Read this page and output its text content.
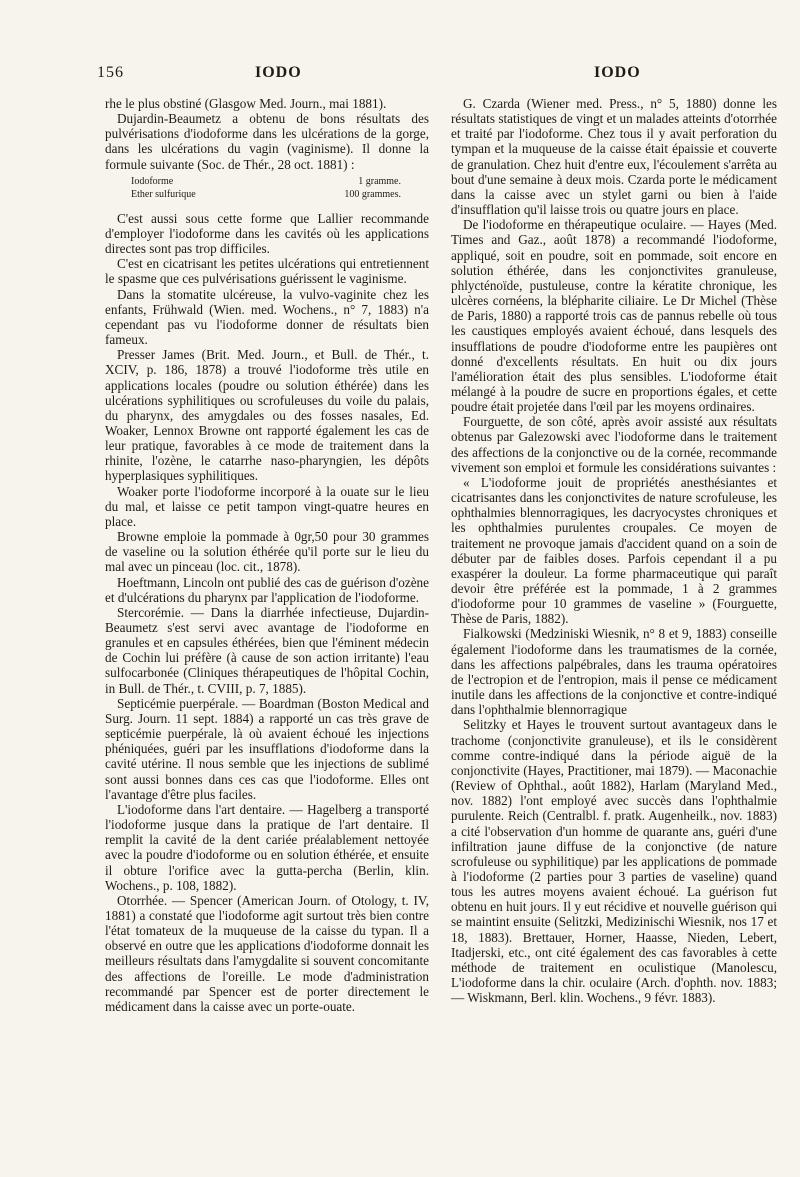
156	IODO	IODO

rhe le plus obstiné (Glasgow Med. Journ., mai 1881).

Dujardin-Beaumetz a obtenu de bons résultats des pulvérisations d'iodoforme dans les ulcérations de la gorge, dans les ulcérations du vagin (vaginisme). Il donne la formule suivante (Soc. de Thér., 28 oct. 1881) :

Iodoforme	1 gramme.
Ether sulfurique	100 grammes.

C'est aussi sous cette forme que Lallier recommande d'employer l'iodoforme dans les cavités où les applications directes sont pas trop difficiles.

C'est en cicatrisant les petites ulcérations qui entretiennent le spasme que ces pulvérisations guérissent le vaginisme.

Dans la stomatite ulcéreuse, la vulvo-vaginite chez les enfants, Frühwald (Wien. med. Wochens., n° 7, 1883) n'a cependant pas vu l'iodoforme donner de résultats bien fameux.

Presser James (Brit. Med. Journ., et Bull. de Thér., t. XCIV, p. 186, 1878) a trouvé l'iodoforme très utile en applications locales (poudre ou solution éthérée) dans les ulcérations syphilitiques ou scrofuleuses du voile du palais, du pharynx, des amygdales ou des fosses nasales, Ed. Woaker, Lennox Browne ont rapporté également les cas de leur pratique, favorables à ce mode de traitement dans la rhinite, l'ozène, le catarrhe naso-pharyngien, les dépôts hyperplasiques syphilitiques.

Woaker porte l'iodoforme incorporé à la ouate sur le lieu du mal, et laisse ce petit tampon vingt-quatre heures en place.

Browne emploie la pommade à 0gr,50 pour 30 grammes de vaseline ou la solution éthérée qu'il porte sur le lieu du mal avec un pinceau (loc. cit., 1878).

Hoeftmann, Lincoln ont publié des cas de guérison d'ozène et d'ulcérations du pharynx par l'application de l'iodoforme.

Stercorémie. — Dans la diarrhée infectieuse, Dujardin-Beaumetz s'est servi avec avantage de l'iodoforme en granules et en capsules éthérées, bien que l'éminent médecin de Cochin lui préfère (à cause de son action irritante) l'eau sulfocarbonée (Cliniques thérapeutiques de l'hôpital Cochin, in Bull. de Thér., t. CVIII, p. 7, 1885).

Septicémie puerpérale. — Boardman (Boston Medical and Surg. Journ. 11 sept. 1884) a rapporté un cas très grave de septicémie puerpérale, là où avaient échoué les injections phéniquées, guéri par les insufflations d'iodoforme dans la cavité utérine. Il nous semble que les injections de sublimé sont aussi bonnes dans ces cas que l'iodoforme. Elles ont l'avantage d'être plus faciles.

L'iodoforme dans l'art dentaire. — Hagelberg a transporté l'iodoforme jusque dans la pratique de l'art dentaire. Il remplit la cavité de la dent cariée préalablement nettoyée avec la poudre d'iodoforme ou en solution éthérée, et ensuite il obture l'orifice avec la gutta-percha (Berlin, klin. Wochens., p. 108, 1882).

Otorrhée. — Spencer (American Journ. of Otology, t. IV, 1881) a constaté que l'iodoforme agit surtout très bien contre l'état tomateux de la muqueuse de la caisse du typan. Il a observé en outre que les applications d'iodoforme donnait les meilleurs résultats dans l'amygdalite si souvent concomitante des affections de l'oreille. Le mode d'administration recommandé par Spencer est de porter directement le médicament dans la caisse avec un porte-ouate.

G. Czarda (Wiener med. Press., n° 5, 1880) donne les résultats statistiques de vingt et un malades atteints d'otorrhée et traité par l'iodoforme. Chez tous il y avait perforation du tympan et la muqueuse de la caisse était épaissie et couverte de granulation. Chez huit d'entre eux, l'écoulement s'arrêta au bout d'une semaine à deux mois. Czarda porte le médicament dans la caisse avec un stylet garni ou bien à l'aide d'insufflation qu'il laisse trois ou quatre jours en place.

De l'iodoforme en thérapeutique oculaire. — Hayes (Med. Times and Gaz., août 1878) a recommandé l'iodoforme, appliqué, soit en poudre, soit en pommade, soit encore en solution éthérée, dans les conjonctivites granuleuse, phlycténoïde, pustuleuse, contre la kératite chronique, les ulcères cornéens, la blépharite ciliaire. Le Dr Michel (Thèse de Paris, 1880) a rapporté trois cas de pannus rebelle où tous les caustiques employés avaient échoué, dans lesquels des insufflations de poudre d'iodoforme entre les paupières ont donné d'excellents résultats. En huit ou dix jours l'amélioration était des plus sensibles. L'iodoforme était mélangé à la poudre de sucre en proportions égales, et cette poudre était projetée dans l'œil par les moyens ordinaires.

Fourguette, de son côté, après avoir assisté aux résultats obtenus par Galezowski avec l'iodoforme dans le traitement des affections de la conjonctive ou de la cornée, recommande vivement son emploi et formule les considérations suivantes :

« L'iodoforme jouit de propriétés anesthésiantes et cicatrisantes dans les conjonctivites de nature scrofuleuse, les ophthalmies blennorragiques, les dacryocystes chroniques et les ophthalmies purulentes croupales. Ce moyen de traitement ne provoque jamais d'accident quand on a soin de débuter par de faibles doses. Parfois cependant il a pu exaspérer la douleur. La forme pharmaceutique qui paraît devoir être préférée est la pommade, 1 à 2 grammes d'iodoforme pour 10 grammes de vaseline » (Fourguette, Thèse de Paris, 1882).

Fialkowski (Medziniski Wiesnik, n° 8 et 9, 1883) conseille également l'iodoforme dans les traumatismes de la cornée, dans les affections palpébrales, dans les trauma opératoires de l'ectropion et de l'entropion, mais il pense ce médicament inutile dans les affections de la conjonctive et contre-indiqué dans l'ophthalmie blennorragique

Selitzky et Hayes le trouvent surtout avantageux dans le trachome (conjonctivite granuleuse), et ils le considèrent comme contre-indiqué dans la période aiguë de la conjonctivite (Hayes, Practitioner, mai 1879). — Maconachie (Review of Ophthal., août 1882), Harlam (Maryland Med., nov. 1882) l'ont employé avec succès dans l'ophthalmie purulente. Reich (Centralbl. f. pratk. Augenheilk., nov. 1883) a cité l'observation d'un homme de quarante ans, guéri d'une infiltration jaune diffuse de la conjonctive (de nature scrofuleuse ou syphilitique) par les applications de pommade à l'iodoforme (2 parties pour 3 parties de vaseline) quand tous les autres moyens avaient échoué. La guérison fut obtenu en huit jours. Il y eut récidive et nouvelle guérison qui se maintint ensuite (Selitzki, Medizinischi Wiesnik, nos 17 et 18, 1883). Brettauer, Horner, Haasse, Nieden, Lebert, Itadjerski, etc., ont cité également des cas favorables à cette méthode de traitement en oculistique (Manolescu, L'iodoforme dans la chir. oculaire (Arch. d'ophth. nov. 1883; — Wiskmann, Berl. klin. Wochens., 9 févr. 1883).
